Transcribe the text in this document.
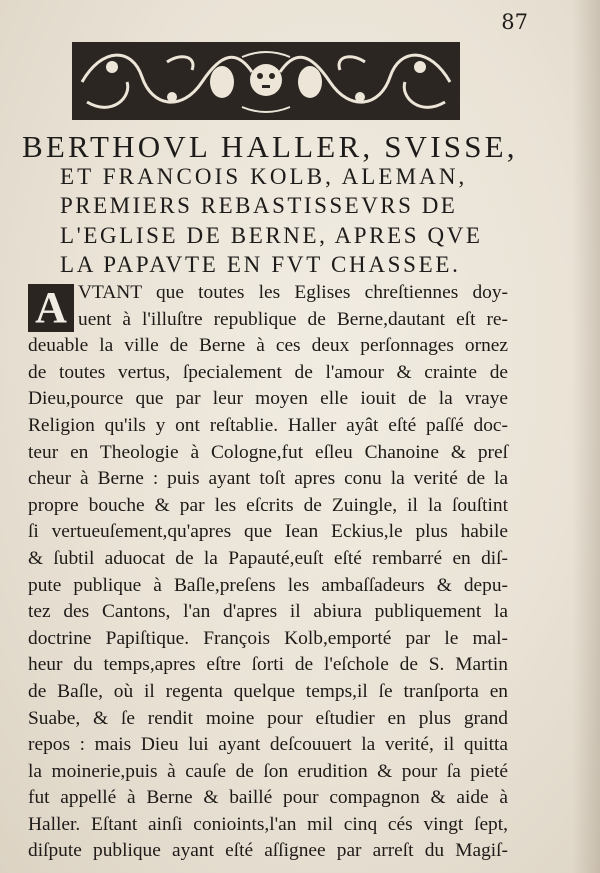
87
BERTHOVL HALLER, SVISSE,
ET FRANCOIS KOLB, ALEMAN,
PREMIERS REBASTISSEVRS DE
L'EGLISE DE BERNE, APRES QVE
LA PAPAVTE EN FVT CHASSEE.
A VTANT que toutes les Eglises chreſtiennes doy-
uent à l'illuſtre republique de Berne,dautant eſt re-
deuable la ville de Berne à ces deux perſonnages ornez
de toutes vertus, ſpecialement de l'amour & crainte de
Dieu,pource que par leur moyen elle iouit de la vraye
Religion qu'ils y ont reſtablie. Haller ayât eſté paſſé doc-
teur en Theologie à Cologne,fut eſleu Chanoine & preſ
cheur à Berne : puis ayant toſt apres conu la verité de la
propre bouche & par les eſcrits de Zuingle, il la ſouſtint
ſi vertueuſement,qu'apres que Iean Eckius,le plus habile
& ſubtil aduocat de la Papauté,euſt eſté rembarré en diſ-
pute publique à Baſle,preſens les ambaſſadeurs & depu-
tez des Cantons, l'an d'apres il abiura publiquement la
doctrine Papiſtique. François Kolb,emporté par le mal-
heur du temps,apres eſtre ſorti de l'eſchole de S. Martin
de Baſle, où il regenta quelque temps,il ſe tranſporta en
Suabe, & ſe rendit moine pour eſtudier en plus grand
repos : mais Dieu lui ayant deſcouuert la verité, il quitta
la moinerie,puis à cauſe de ſon erudition & pour ſa pieté
fut appellé à Berne & baillé pour compagnon & aide à
Haller. Eſtant ainſi conioints,l'an mil cinq cés vingt ſept,
diſpute publique ayant eſté aſſignee par arreſt du Magiſ-
